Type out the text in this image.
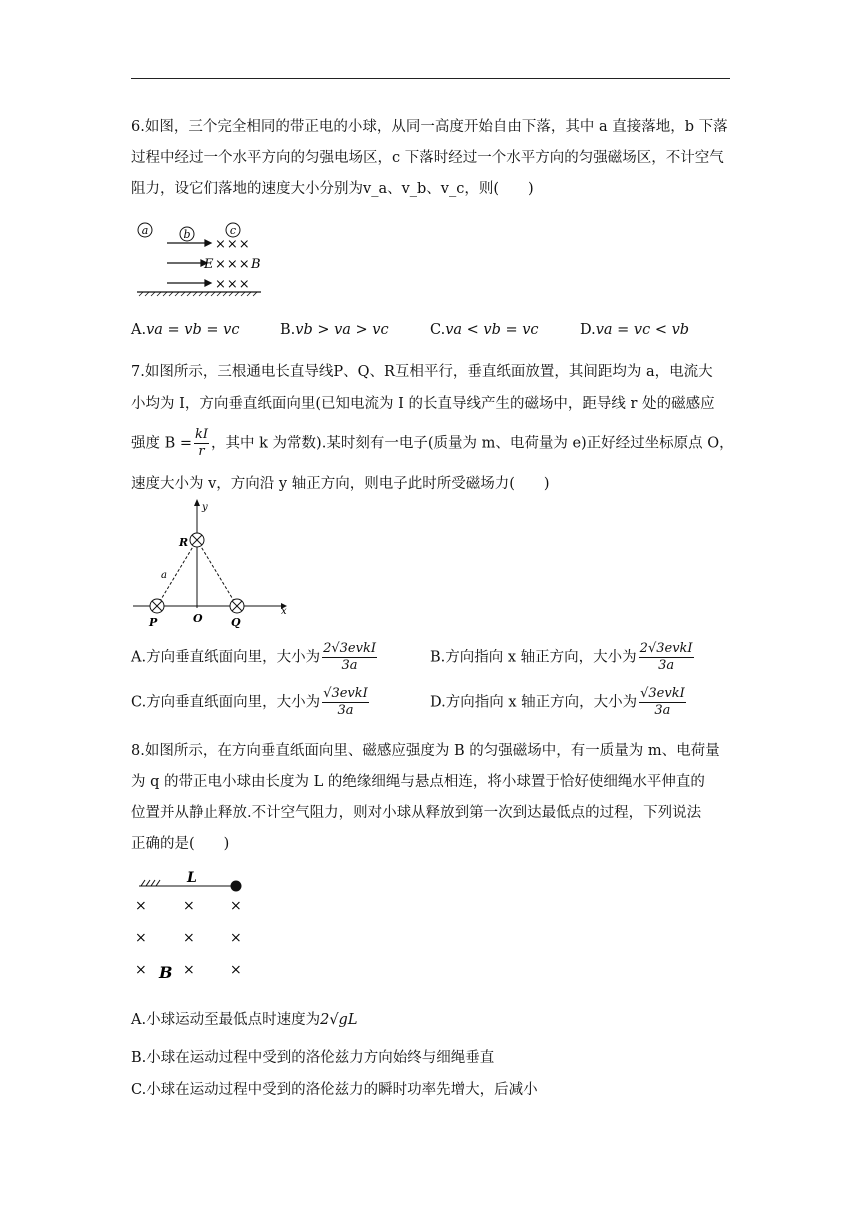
6.如图，三个完全相同的带正电的小球，从同一高度开始自由下落，其中 a 直接落地，b 下落过程中经过一个水平方向的匀强电场区，c 下落时经过一个水平方向的匀强磁场区，不计空气阻力，设它们落地的速度大小分别为v_a、v_b、v_c，则(　　)

a	b	c
×××
E ××× B
×××
A.va = vb = vc	B.vb > va > vc	C.va < vb = vc	D.va = vc < vb
7.如图所示，三根通电长直导线P、Q、R互相平行，垂直纸面放置，其间距均为 a，电流大
小均为 I，方向垂直纸面向里(已知电流为 I 的长直导线产生的磁场中，距导线 r 处的磁感应
强度 $B = \frac{kI}{r}$ ，其中 k 为常数).某时刻有一电子(质量为 m、电荷量为 e)正好经过坐标原点 O，
速度大小为 v，方向沿 y 轴正方向，则电子此时所受磁场力(　　)
x
y
R
a
O
P	Q
A.方向垂直纸面向里，大小为
2√3evkI
3a	B.方向指向 x 轴正方向，大小为
2√3evkI
3a
C.方向垂直纸面向里，大小为
√3evkI
3a	D.方向指向 x 轴正方向，大小为
√3evkI
3a
8.如图所示，在方向垂直纸面向里、磁感应强度为 B 的匀强磁场中，有一质量为 m、电荷量
为 q 的带正电小球由长度为 L 的绝缘细绳与悬点相连，将小球置于恰好使细绳水平伸直的
位置并从静止释放.不计空气阻力，则对小球从释放到第一次到达最低点的过程，下列说法
正确的是(　　)
L
×	×	×
×	×	×
×	×	×
B
A.小球运动至最低点时速度为2√gL
B.小球在运动过程中受到的洛伦兹力方向始终与细绳垂直
C.小球在运动过程中受到的洛伦兹力的瞬时功率先增大，后减小
